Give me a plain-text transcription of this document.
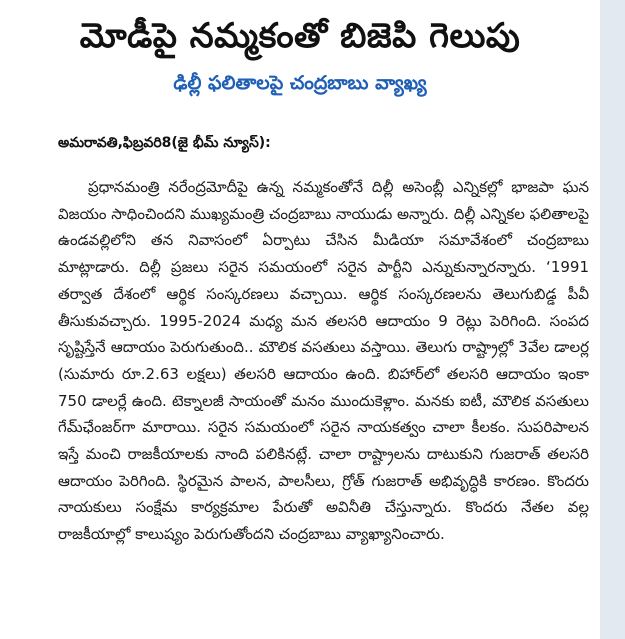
మోడీపై నమ్మకంతో బిజెపి గెలుపు
ఢిల్లీ ఫలితాలపై చంద్రబాబు వ్యాఖ్య
అమరావతి,ఫిబ్రవరి8(జై భీమ్ న్యూస్):

ప్రధానమంత్రి నరేంద్రమోదీపై ఉన్న నమ్మకంతోనే దిల్లీ అసెంబ్లీ ఎన్నికల్లో భాజపా ఘన విజయం సాధించిందని ముఖ్యమంత్రి చంద్రబాబు నాయుడు అన్నారు. దిల్లీ ఎన్నికల ఫలితాలపై ఉండవల్లిలోని తన నివాసంలో ఏర్పాటు చేసిన మీడియా సమావేశంలో చంద్రబాబు మాట్లాడారు. దిల్లీ ప్రజలు సరైన సమయంలో సరైన పార్టీని ఎన్నుకున్నారన్నారు. ‘1991 తర్వాత దేశంలో ఆర్థిక సంస్కరణలు వచ్చాయి. ఆర్థిక సంస్కరణలను తెలుగుబిడ్డ పీవీ తీసుకువచ్చారు. 1995-2024 మధ్య మన తలసరి ఆదాయం 9 రెట్లు పెరిగింది. సంపద సృష్టిస్తేనే ఆదాయం పెరుగుతుంది.. మౌలిక వసతులు వస్తాయి. తెలుగు రాష్ట్రాల్లో 3వేల డాలర్ల (సుమారు రూ.2.63 లక్షలు) తలసరి ఆదాయం ఉంది. బిహార్‌లో తలసరి ఆదాయం ఇంకా 750 డాలర్లే ఉంది. టెక్నాలజీ సాయంతో మనం ముందుకెళ్లాం. మనకు ఐటీ, మౌలిక వసతులు గేమ్‌ఛేంజర్‌గా మారాయి. సరైన సమయంలో సరైన నాయకత్వం చాలా కీలకం. సుపరిపాలన ఇస్తే మంచి రాజకీయాలకు నాంది పలికినట్లే. చాలా రాష్ట్రాలను దాటుకుని గుజరాత్ తలసరి ఆదాయం పెరిగింది. స్థిరమైన పాలన, పాలసీలు, గ్రోత్ గుజరాత్ అభివృద్ధికి కారణం. కొందరు నాయకులు సంక్షేమ కార్యక్రమాల పేరుతో అవినీతి చేస్తున్నారు. కొందరు నేతల వల్ల రాజకీయాల్లో కాలుష్యం పెరుగుతోందని చంద్రబాబు వ్యాఖ్యానించారు.
